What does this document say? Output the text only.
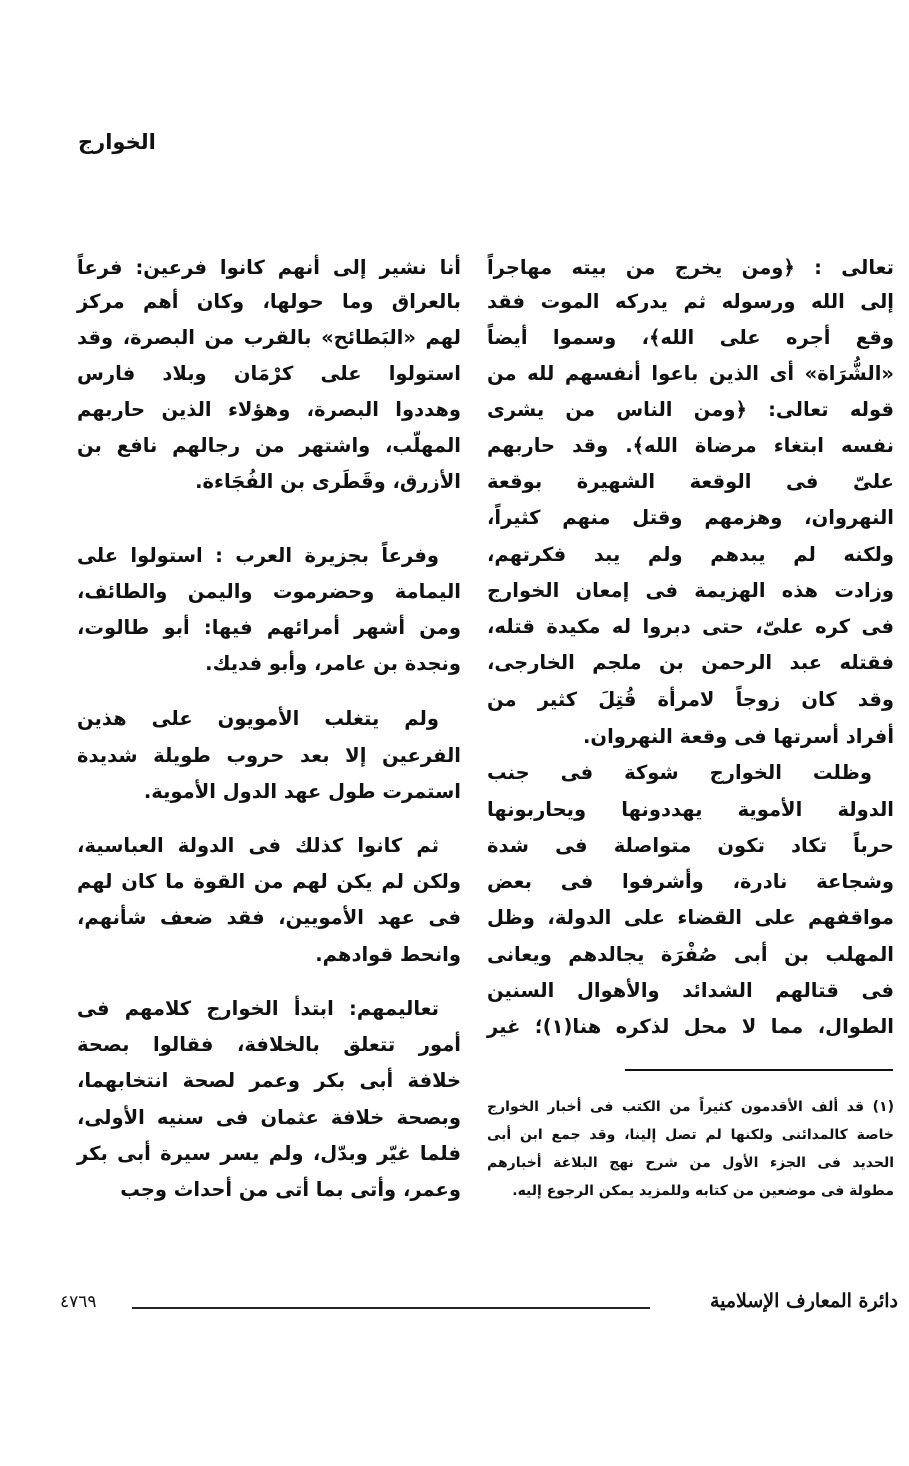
الخوارج
تعالى : ﴿ومن يخرج من بيته مهاجراً
إلى الله ورسوله ثم يدركه الموت فقد
وقع أجره على الله﴾، وسموا أيضاً
«الشُّرَاة» أى الذين باعوا أنفسهم لله من
قوله تعالى: ﴿ومن الناس من يشرى
نفسه ابتغاء مرضاة الله﴾. وقد حاربهم
علىّ فى الوقعة الشهيرة بوقعة
النهروان، وهزمهم وقتل منهم كثيراً،
ولكنه لم يبدهم ولم يبد فكرتهم،
وزادت هذه الهزيمة فى إمعان الخوارج
فى كره علىّ، حتى دبروا له مكيدة قتله،
فقتله عبد الرحمن بن ملجم الخارجى،
وقد كان زوجاً لامرأة قُتِلَ كثير من
أفراد أسرتها فى وقعة النهروان.
وظلت الخوارج شوكة فى جنب
الدولة الأموية يهددونها ويحاربونها
حرباً تكاد تكون متواصلة فى شدة
وشجاعة نادرة، وأشرفوا فى بعض
مواقفهم على القضاء على الدولة، وظل
المهلب بن أبى صُفْرَة يجالدهم ويعانى
فى قتالهم الشدائد والأهوال السنين
الطوال، مما لا محل لذكره هنا(١)؛ غير
أنا نشير إلى أنهم كانوا فرعين: فرعاً
بالعراق وما حولها، وكان أهم مركز
لهم «البَطائح» بالقرب من البصرة، وقد
استولوا على كرْمَان وبلاد فارس
وهددوا البصرة، وهؤلاء الذين حاربهم
المهلّب، واشتهر من رجالهم نافع بن
الأزرق، وقَطَرى بن الفُجَاءة.
وفرعاً بجزيرة العرب : استولوا على
اليمامة وحضرموت واليمن والطائف،
ومن أشهر أمرائهم فيها: أبو طالوت،
ونجدة بن عامر، وأبو فديك.
ولم يتغلب الأمويون على هذين
الفرعين إلا بعد حروب طويلة شديدة
استمرت طول عهد الدول الأموية.
ثم كانوا كذلك فى الدولة العباسية،
ولكن لم يكن لهم من القوة ما كان لهم
فى عهد الأمويين، فقد ضعف شأنهم،
وانحط قوادهم.
تعاليمهم: ابتدأ الخوارج كلامهم فى
أمور تتعلق بالخلافة، فقالوا بصحة
خلافة أبى بكر وعمر لصحة انتخابهما،
وبصحة خلافة عثمان فى سنيه الأولى،
فلما غيّر وبدّل، ولم يسر سيرة أبى بكر
وعمر، وأتى بما أتى من أحداث وجب
(١) قد ألف الأقدمون كثيراً من الكتب فى أخبار الخوارج
خاصة كالمدائنى ولكنها لم تصل إلينا، وقد جمع ابن أبى
الحديد فى الجزء الأول من شرح نهج البلاغة أخبارهم
مطولة فى موضعين من كتابه وللمزيد يمكن الرجوع إليه.
دائرة المعارف الإسلامية
٤٧٦٩
